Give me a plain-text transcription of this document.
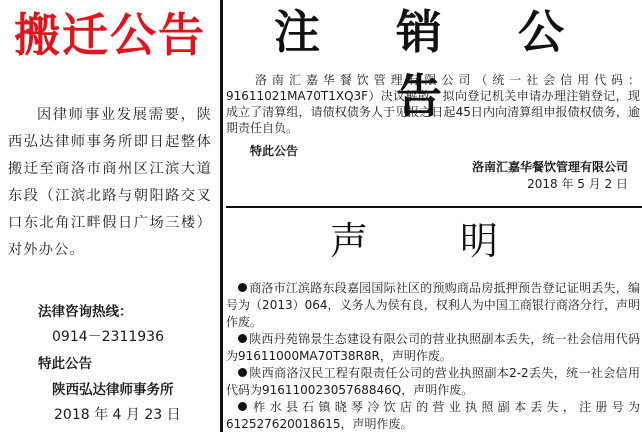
搬迁公告
因律师事业发展需要，陕西弘达律师事务所即日起整体搬迁至商洛市商州区江滨大道东段（江滨北路与朝阳路交叉口东北角江畔假日广场三楼）对外办公。
法律咨询热线：
0914－2311936
特此公告
陕西弘达律师事务所
2018 年 4 月 23 日
注 销 公 告
洛南汇嘉华餐饮管理有限公司（统一社会信用代码：91611021MA70T1XQ3F）决议解散，拟向登记机关申请办理注销登记，现成立了清算组，请债权债务人于见报之日起45日内向清算组申报债权债务，逾期责任自负。
特此公告
洛南汇嘉华餐饮管理有限公司
2018 年 5 月 2 日
声 明
商洛市江滨路东段嘉园国际社区的预购商品房抵押预告登记证明丢失，编号为（2013）064，义务人为侯有良，权利人为中国工商银行商洛分行，声明作废。
陕西丹苑锦景生态建设有限公司的营业执照副本丢失，统一社会信用代码为91611000MA70T38R8R，声明作废。
陕西商洛汉民工程有限责任公司的营业执照副本2-2丢失，统一社会信用代码为91611002305768846Q，声明作废。
柞水县石镇晓琴冷饮店的营业执照副本丢失，注册号为612527620018615，声明作废。
